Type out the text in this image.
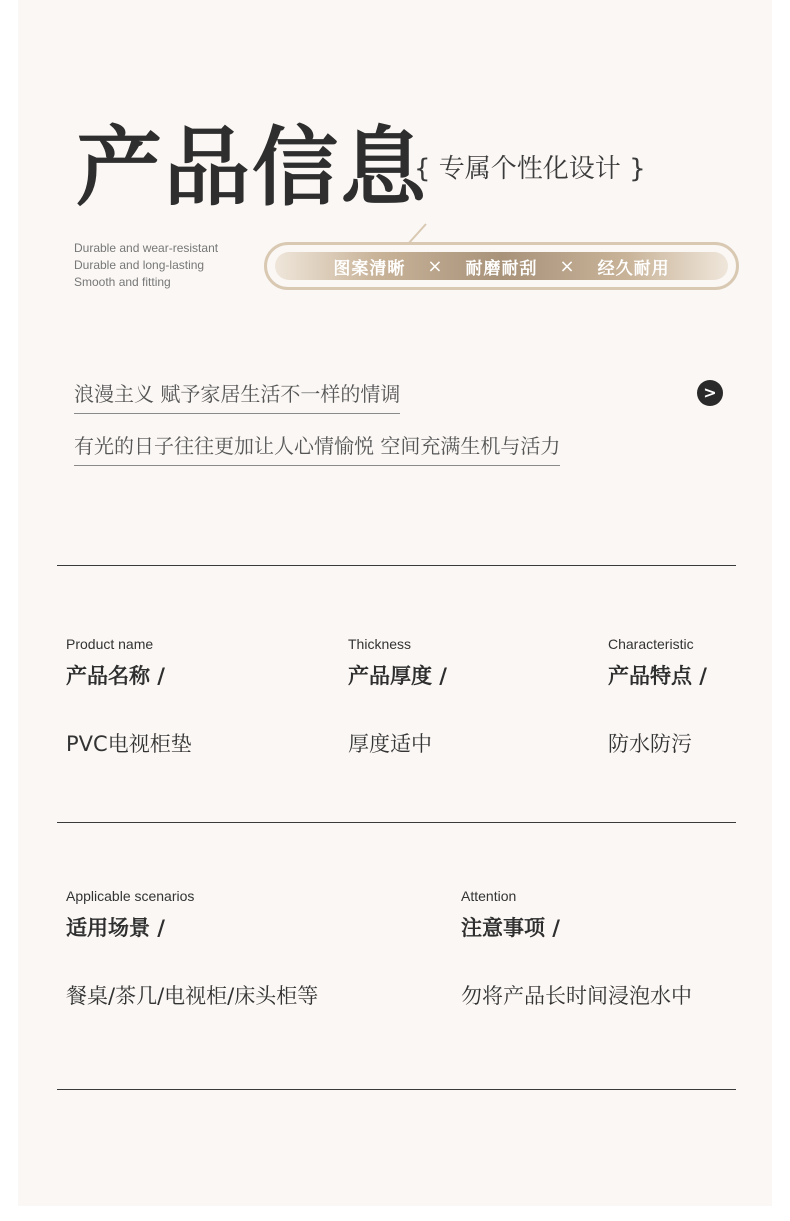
产品信息
{ 专属个性化设计 }
Durable and wear-resistant
Durable and long-lasting
Smooth and fitting
图案清晰 × 耐磨耐刮 × 经久耐用
浪漫主义 赋予家居生活不一样的情调
有光的日子往往更加让人心情愉悦 空间充满生机与活力
>
Product name
产品名称 /
PVC电视柜垫
Thickness
产品厚度 /
厚度适中
Characteristic
产品特点 /
防水防污
Applicable scenarios
适用场景 /
餐桌/茶几/电视柜/床头柜等
Attention
注意事项 /
勿将产品长时间浸泡水中
